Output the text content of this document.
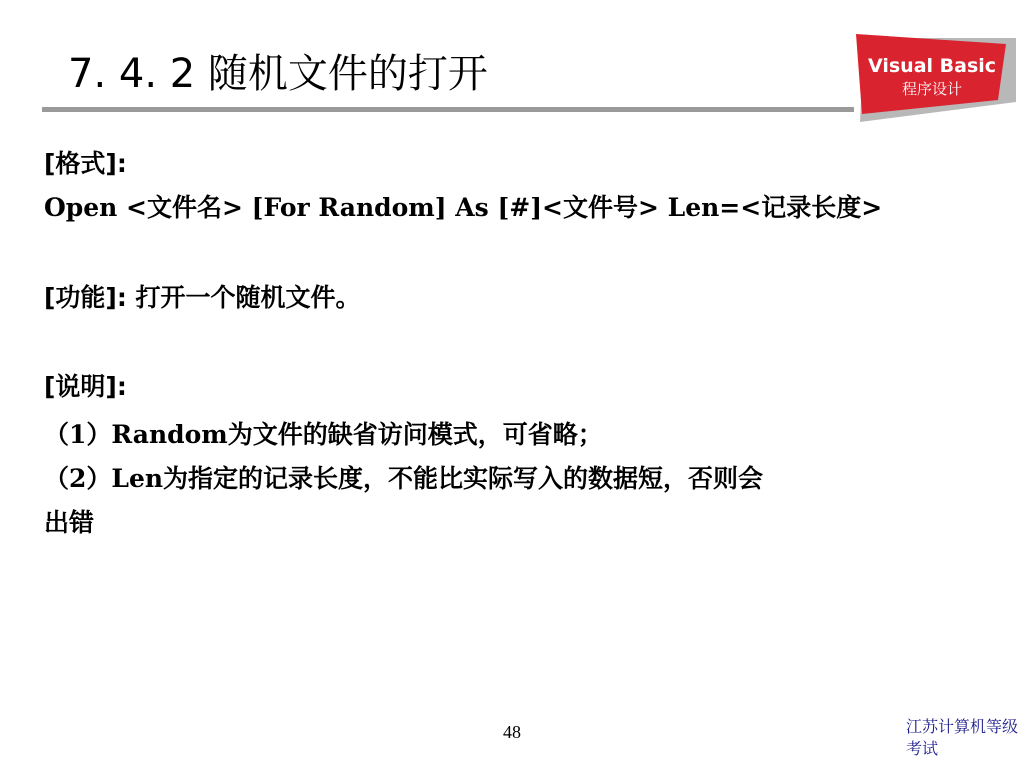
7. 4. 2 随机文件的打开	Visual Basic
程序设计
[格式]:
Open <文件名> [For Random] As [#]<文件号> Len=<记录长度>
[功能]: 打开一个随机文件。
[说明]:
（1）Random为文件的缺省访问模式，可省略；
（2）Len为指定的记录长度，不能比实际写入的数据短，否则会
出错
48	江苏计算机等级考试
